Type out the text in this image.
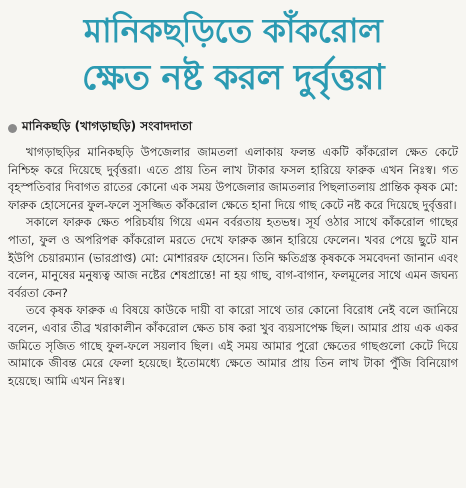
মানিকছড়িতে কাঁকরোল
ক্ষেত নষ্ট করল দুর্বৃত্তরা
মানিকছড়ি (খাগড়াছড়ি) সংবাদদাতা

খাগড়াছড়ির মানিকছড়ি উপজেলার জামতলা এলাকায় ফলন্ত একটি কাঁকরোল ক্ষেত কেটে নিশ্চিহ্ন করে দিয়েছে দুর্বৃত্তরা। এতে প্রায় তিন লাখ টাকার ফসল হারিয়ে ফারুক এখন নিঃস্ব। গত বৃহস্পতিবার দিবাগত রাতের কোনো এক সময় উপজেলার জামতলার পিছলাতলায় প্রান্তিক কৃষক মো: ফারুক হোসেনের ফুল-ফলে সুসজ্জিত কাঁকরোল ক্ষেতে হানা দিয়ে গাছ কেটে নষ্ট করে দিয়েছে দুর্বৃত্তরা।

সকালে ফারুক ক্ষেত পরিচর্যায় গিয়ে এমন বর্বরতায় হতভম্ব। সূর্য ওঠার সাথে কাঁকরোল গাছের পাতা, ফুল ও অপরিপক্ব কাঁকরোল মরতে দেখে ফারুক জ্ঞান হারিয়ে ফেলেন। খবর পেয়ে ছুটে যান ইউপি চেয়ারম্যান (ভারপ্রাপ্ত) মো: মোশাররফ হোসেন। তিনি ক্ষতিগ্রস্ত কৃষককে সমবেদনা জানান এবং বলেন, মানুষের মনুষ্যত্ব আজ নষ্টের শেষপ্রান্তে! না হয় গাছ, বাগ-বাগান, ফলমূলের সাথে এমন জঘন্য বর্বরতা কেন?

তবে কৃষক ফারুক এ বিষয়ে কাউকে দায়ী বা কারো সাথে তার কোনো বিরোধ নেই বলে জানিয়ে বলেন, এবার তীব্র খরাকালীন কাঁকরোল ক্ষেত চাষ করা খুব ব্যয়সাপেক্ষ ছিল। আমার প্রায় এক একর জমিতে সৃজিত গাছে ফুল-ফলে সয়লাব ছিল। এই সময় আমার পুরো ক্ষেতের গাছগুলো কেটে দিয়ে আমাকে জীবন্ত মেরে ফেলা হয়েছে। ইতোমধ্যে ক্ষেতে আমার প্রায় তিন লাখ টাকা পুঁজি বিনিয়োগ হয়েছে। আমি এখন নিঃস্ব।
